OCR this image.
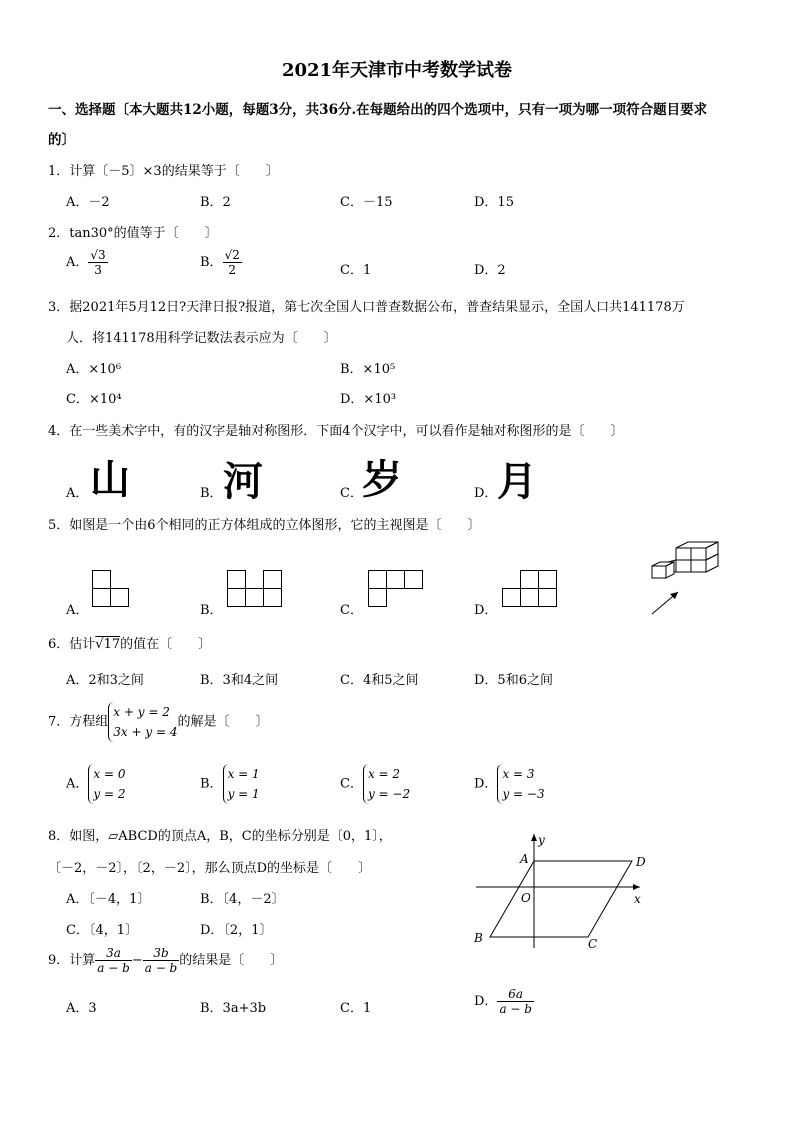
2021年天津市中考数学试卷
一、选择题〔本大题共12小题，每题3分，共36分.在每题给出的四个选项中，只有一项为哪一项符合题目要求
的〕
1．计算〔－5〕×3的结果等于〔　　〕
A．－2	B．2	C．－15	D．15
2．tan30°的值等于〔　　〕
A． $\frac{√3}{3}$	B． $\frac{√2}{2}$	C．1	D．2
3．据2021年5月12日?天津日报?报道，第七次全国人口普查数据公布，普查结果显示，全国人口共141178万
人．将141178用科学记数法表示应为〔　　〕
A．×10⁶	B．×10⁵
C．×10⁴	D．×10³
4．在一些美术字中，有的汉字是轴对称图形．下面4个汉字中，可以看作是轴对称图形的是〔　　〕
A． 山	B． 河	C． 岁	D． 月
5．如图是一个由6个相同的正方体组成的立体图形，它的主视图是〔　　〕
A．	B．	C．	D．
6．估计√17的值在〔　　〕
A．2和3之间	B．3和4之间	C．4和5之间	D．5和6之间
7．方程组
x + y = 2
3x + y = 4
的解是〔　　〕
A．
x = 0
y = 2
B．
x = 1
y = 1
C．
x = 2
y = −2
D．
x = 3
y = −3
8．如图，▱ABCD的顶点A，B，C的坐标分别是〔0，1〕，
〔－2，－2〕，〔2，－2〕，那么顶点D的坐标是〔　　〕
A．〔－4，1〕	B．〔4，－2〕
C．〔4，1〕	D．〔2，1〕
A	D
O	x
y
B	C
9．计算 $\frac{3a}{a - b} - \frac{3b}{a - b}$ 的结果是〔　　〕
A．3	B．3a+3b	C．1	D． $\frac{6a}{a - b}$
